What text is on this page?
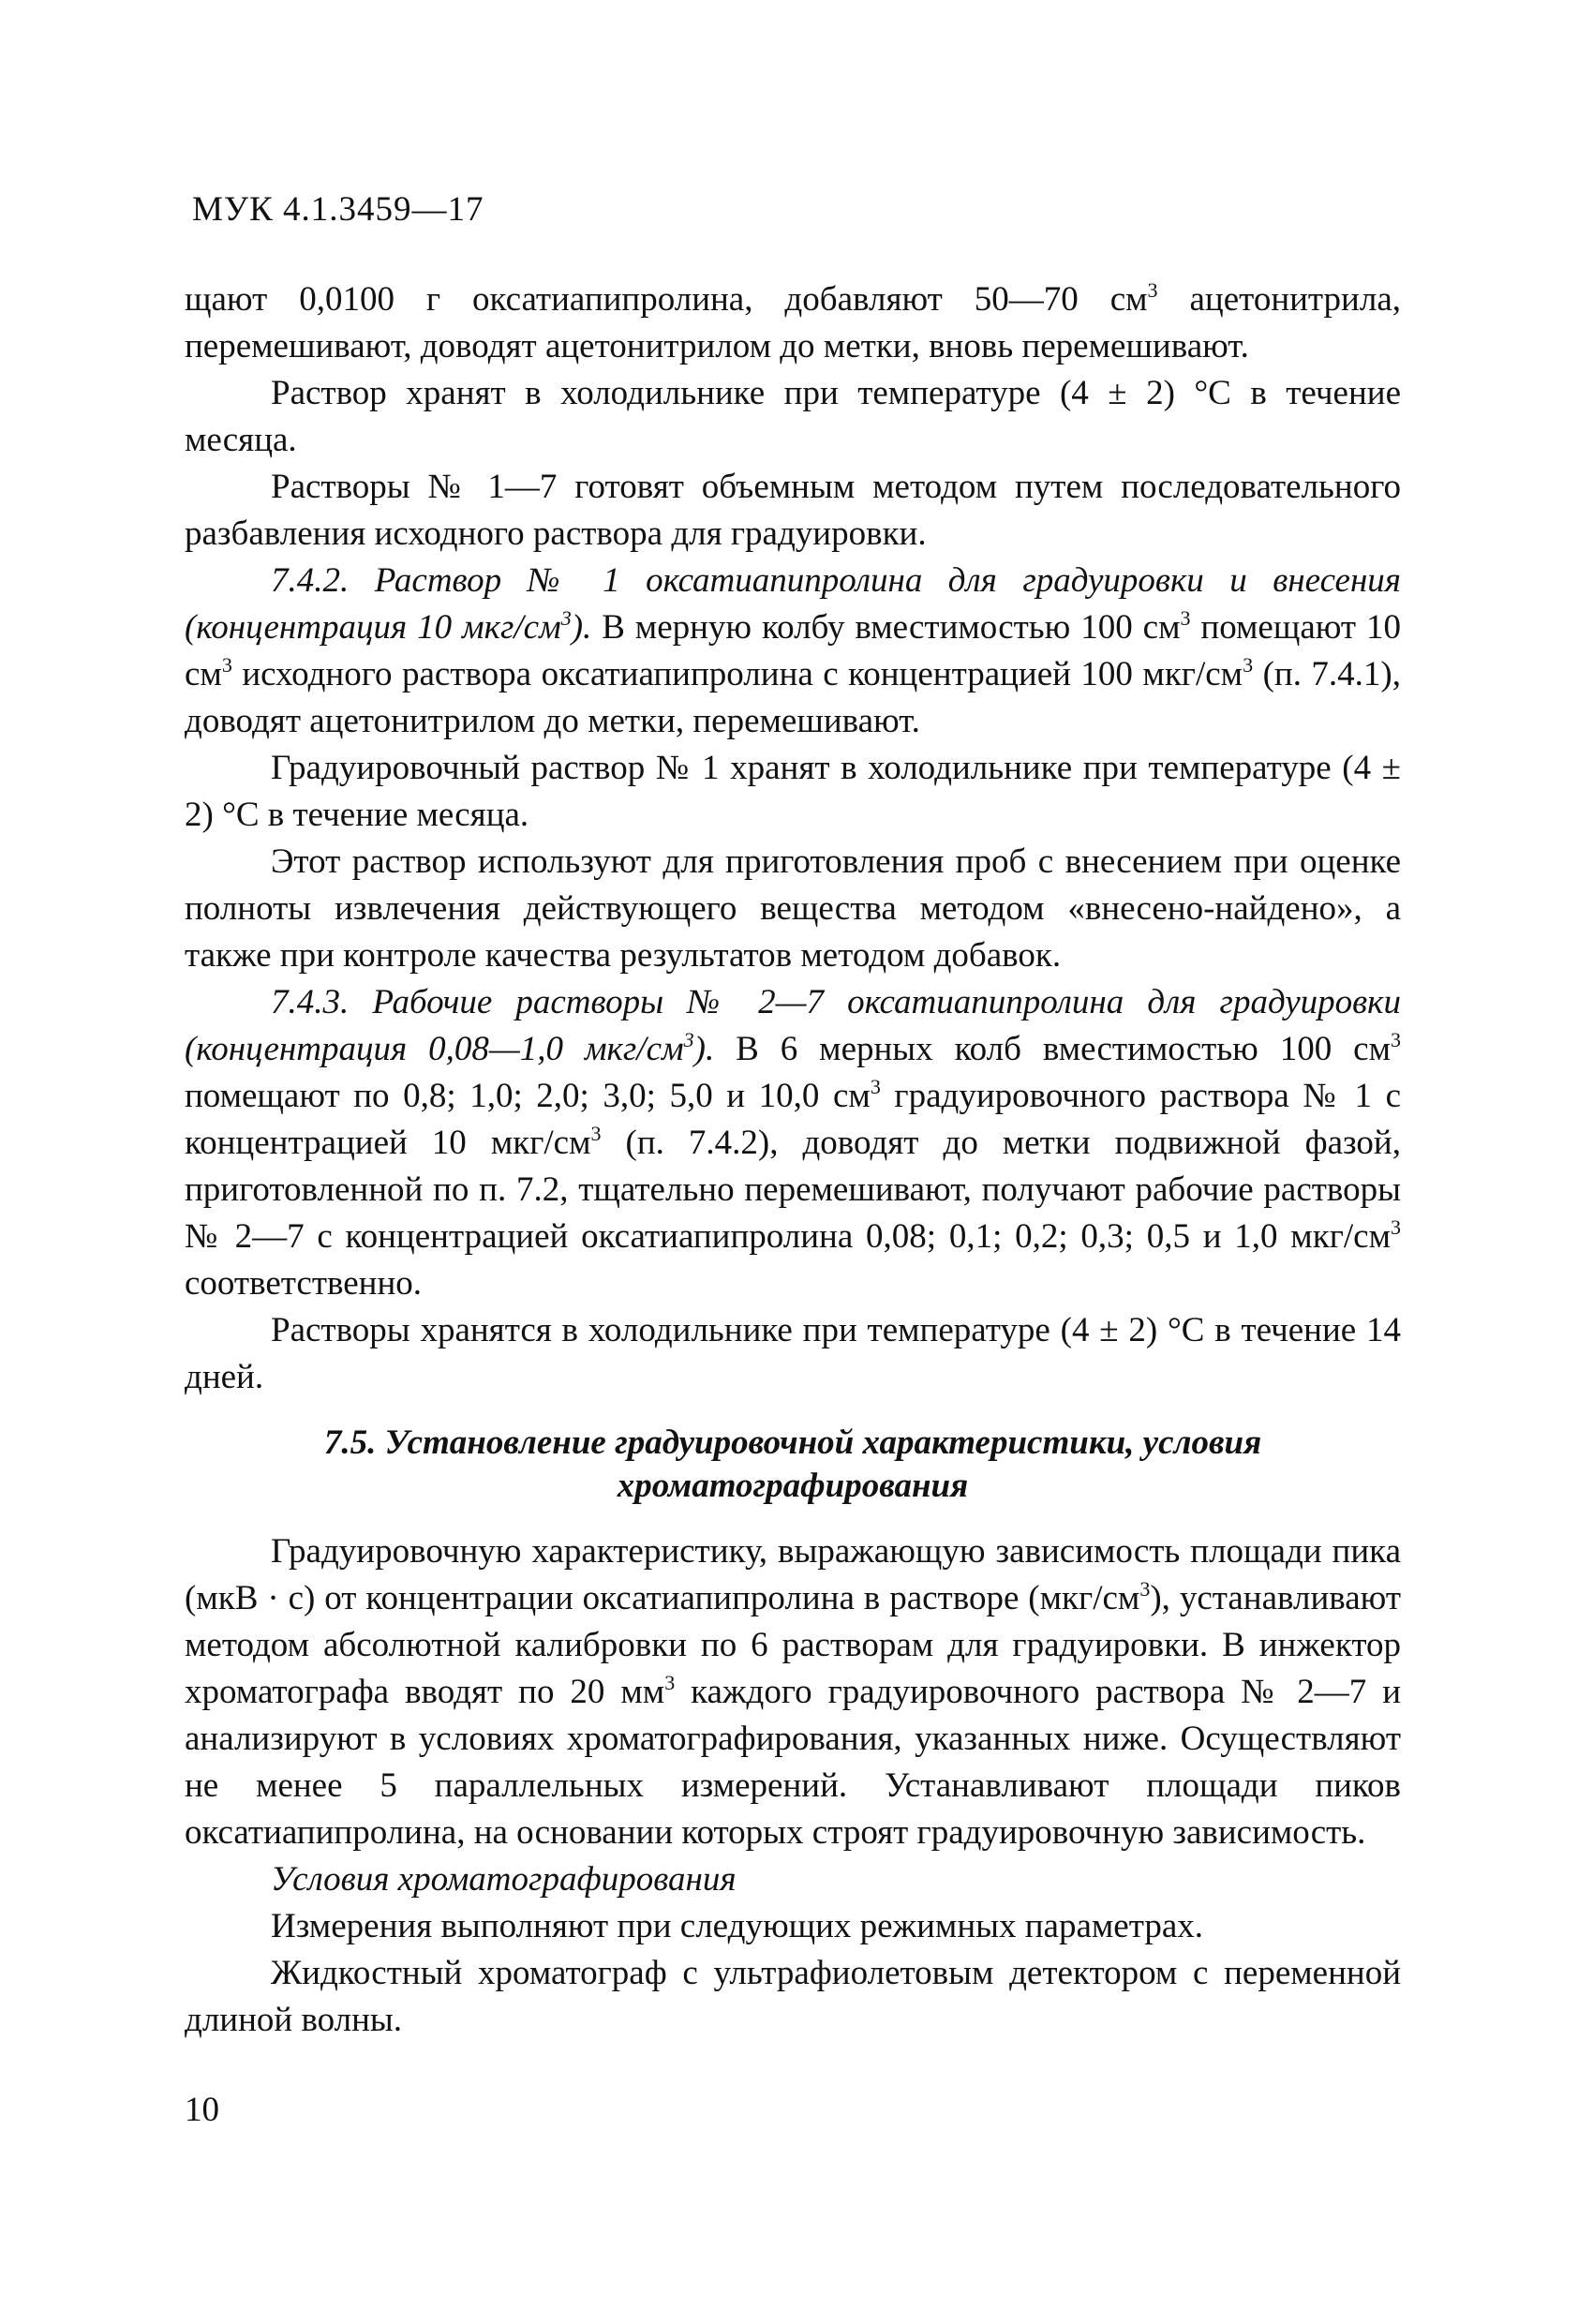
МУК 4.1.3459—17

щают 0,0100 г оксатиапипролина, добавляют 50—70 $см^3$ ацетонитрила, перемешивают, доводят ацетонитрилом до метки, вновь перемешивают.

Раствор хранят в холодильнике при температуре (4 ± 2) °С в течение месяца.

Растворы № 1—7 готовят объемным методом путем последовательного разбавления исходного раствора для градуировки.

7.4.2. Раствор № 1 оксатиапипролина для градуировки и внесения (концентрация 10 мкг/$см^3$). В мерную колбу вместимостью 100 $см^3$ помещают 10 $см^3$ исходного раствора оксатиапипролина с концентрацией 100 мкг/$см^3$ (п. 7.4.1), доводят ацетонитрилом до метки, перемешивают.

Градуировочный раствор № 1 хранят в холодильнике при температуре (4 ± 2) °С в течение месяца.

Этот раствор используют для приготовления проб с внесением при оценке полноты извлечения действующего вещества методом «внесено-найдено», а также при контроле качества результатов методом добавок.

7.4.3. Рабочие растворы № 2—7 оксатиапипролина для градуировки (концентрация 0,08—1,0 мкг/$см^3$). В 6 мерных колб вместимостью 100 $см^3$ помещают по 0,8; 1,0; 2,0; 3,0; 5,0 и 10,0 $см^3$ градуировочного раствора № 1 с концентрацией 10 мкг/$см^3$ (п. 7.4.2), доводят до метки подвижной фазой, приготовленной по п. 7.2, тщательно перемешивают, получают рабочие растворы № 2—7 с концентрацией оксатиапипролина 0,08; 0,1; 0,2; 0,3; 0,5 и 1,0 мкг/$см^3$ соответственно.

Растворы хранятся в холодильнике при температуре (4 ± 2) °С в течение 14 дней.

7.5. Установление градуировочной характеристики, условия
хроматографирования

Градуировочную характеристику, выражающую зависимость площади пика (мкВ · с) от концентрации оксатиапипролина в растворе $(мкг/см^3)$, устанавливают методом абсолютной калибровки по 6 растворам для градуировки. В инжектор хроматографа вводят по 20 $мм^3$ каждого градуировочного раствора № 2—7 и анализируют в условиях хроматографирования, указанных ниже. Осуществляют не менее 5 параллельных измерений. Устанавливают площади пиков оксатиапипролина, на основании которых строят градуировочную зависимость.

Условия хроматографирования

Измерения выполняют при следующих режимных параметрах.

Жидкостный хроматограф с ультрафиолетовым детектором с переменной длиной волны.

10
